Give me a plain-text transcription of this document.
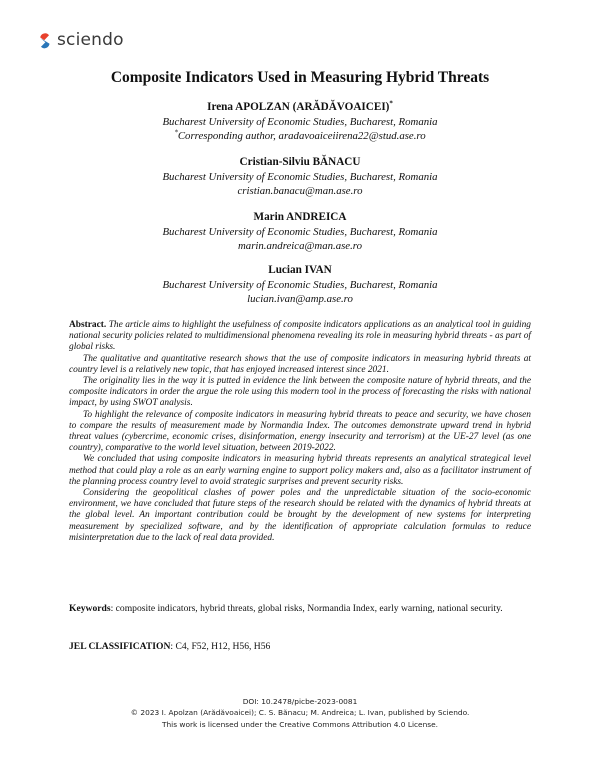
sciendo
Composite Indicators Used in Measuring Hybrid Threats
Irena APOLZAN (ARĂDĂVOAICEI)*
Bucharest University of Economic Studies, Bucharest, Romania
*Corresponding author, aradavoaiceiirena22@stud.ase.ro
Cristian-Silviu BĂNACU
Bucharest University of Economic Studies, Bucharest, Romania
cristian.banacu@man.ase.ro
Marin ANDREICA
Bucharest University of Economic Studies, Bucharest, Romania
marin.andreica@man.ase.ro
Lucian IVAN
Bucharest University of Economic Studies, Bucharest, Romania
lucian.ivan@amp.ase.ro

Abstract. The article aims to highlight the usefulness of composite indicators applications as an analytical tool in guiding national security policies related to multidimensional phenomena revealing its role in measuring hybrid threats - as part of global risks.

The qualitative and quantitative research shows that the use of composite indicators in measuring hybrid threats at country level is a relatively new topic, that has enjoyed increased interest since 2021.

The originality lies in the way it is putted in evidence the link between the composite nature of hybrid threats, and the composite indicators in order the argue the role using this modern tool in the process of forecasting the risks with national impact, by using SWOT analysis.

To highlight the relevance of composite indicators in measuring hybrid threats to peace and security, we have chosen to compare the results of measurement made by Normandia Index. The outcomes demonstrate upward trend in hybrid threat values (cybercrime, economic crises, disinformation, energy insecurity and terrorism) at the UE-27 level (as one country), comparative to the world level situation, between 2019-2022.

We concluded that using composite indicators in measuring hybrid threats represents an analytical strategical level method that could play a role as an early warning engine to support policy makers and, also as a facilitator instrument of the planning process country level to avoid strategic surprises and prevent security risks.

Considering the geopolitical clashes of power poles and the unpredictable situation of the socio-economic environment, we have concluded that future steps of the research should be related with the dynamics of hybrid threats at the global level. An important contribution could be brought by the development of new systems for interpreting measurement by specialized software, and by the identification of appropriate calculation formulas to reduce misinterpretation due to the lack of real data provided.

Keywords: composite indicators, hybrid threats, global risks, Normandia Index, early warning, national security.
JEL CLASSIFICATION: C4, F52, H12, H56, H56
DOI: 10.2478/picbe-2023-0081
© 2023 I. Apolzan (Arădăvoaicei); C. S. Bănacu; M. Andreica; L. Ivan, published by Sciendo.
This work is licensed under the Creative Commons Attribution 4.0 License.
